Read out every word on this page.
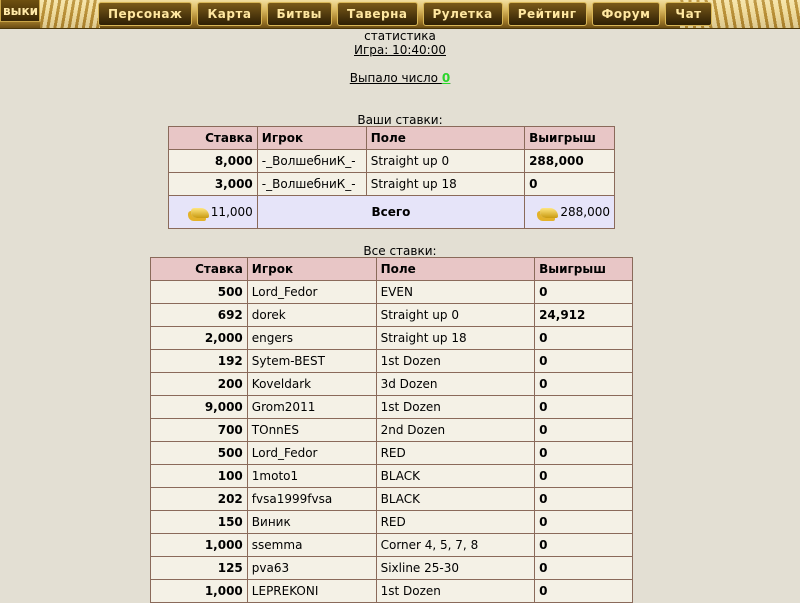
выки	Персонаж	Карта	Битвы	Таверна	Рулетка	Рейтинг	Форум	Чат
статистика
Игра: 10:40:00
Выпало число 0
Ваши ставки:
Ставка	Игрок	Поле	Выигрыш
8,000	-_ВолшебниК_-	Straight up 0	288,000
3,000	-_ВолшебниК_-	Straight up 18	0
11,000	Всего		288,000
Все ставки:
Ставка	Игрок	Поле	Выигрыш
500	Lord_Fedor	EVEN	0
692	dorek	Straight up 0	24,912
2,000	engers	Straight up 18	0
192	Sytem-BEST	1st Dozen	0
200	Koveldark	3d Dozen	0
9,000	Grom2011	1st Dozen	0
700	TOnnES	2nd Dozen	0
500	Lord_Fedor	RED	0
100	1moto1	BLACK	0
202	fvsa1999fvsa	BLACK	0
150	Виник	RED	0
1,000	ssemma	Corner 4, 5, 7, 8	0
125	pva63	Sixline 25-30	0
1,000	LEPREKONI	1st Dozen	0
